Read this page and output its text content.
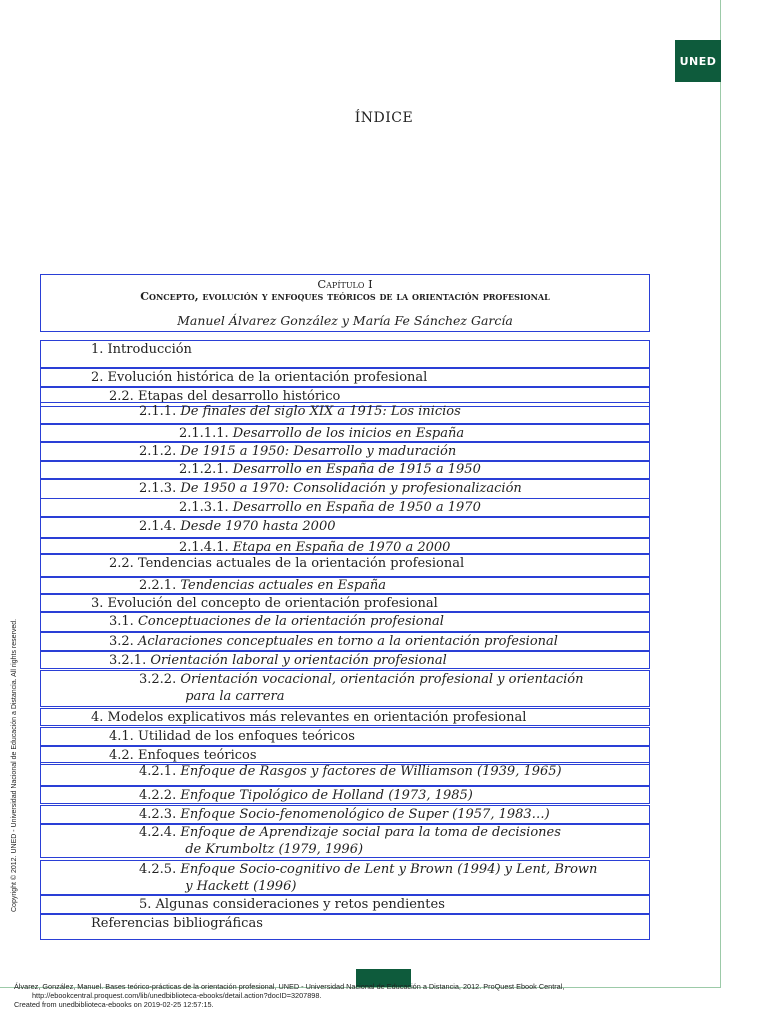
UNED
ÍNDICE
Copyright © 2012. UNED - Universidad Nacional de Educación a Distancia. All rights reserved.
Capítulo I
Concepto, evolución y enfoques teóricos de la orientación profesional
Manuel Álvarez González y María Fe Sánchez García
1. Introducción
2. Evolución histórica de la orientación profesional
2.2. Etapas del desarrollo histórico
2.1.1. De finales del siglo XIX a 1915: Los inicios
2.1.1.1. Desarrollo de los inicios en España
2.1.2. De 1915 a 1950: Desarrollo y maduración
2.1.2.1. Desarrollo en España de 1915 a 1950
2.1.3. De 1950 a 1970: Consolidación y profesionalización
2.1.3.1. Desarrollo en España de 1950 a 1970
2.1.4. Desde 1970 hasta 2000
2.1.4.1. Etapa en España de 1970 a 2000
2.2. Tendencias actuales de la orientación profesional
2.2.1. Tendencias actuales en España
3. Evolución del concepto de orientación profesional
3.1. Conceptuaciones de la orientación profesional
3.2. Aclaraciones conceptuales en torno a la orientación profesional
3.2.1. Orientación laboral y orientación profesional
3.2.2. Orientación vocacional, orientación profesional y orientación
para la carrera
4. Modelos explicativos más relevantes en orientación profesional
4.1. Utilidad de los enfoques teóricos
4.2. Enfoques teóricos
4.2.1. Enfoque de Rasgos y factores de Williamson (1939, 1965)
4.2.2. Enfoque Tipológico de Holland (1973, 1985)
4.2.3. Enfoque Socio-fenomenológico de Super (1957, 1983…)
4.2.4. Enfoque de Aprendizaje social para la toma de decisiones
de Krumboltz (1979, 1996)
4.2.5. Enfoque Socio-cognitivo de Lent y Brown (1994) y Lent, Brown
y Hackett (1996)
5. Algunas consideraciones y retos pendientes
Referencias bibliográficas
Álvarez, González, Manuel. Bases teórico-prácticas de la orientación profesional, UNED - Universidad Nacional de Educación a Distancia, 2012. ProQuest Ebook Central,
http://ebookcentral.proquest.com/lib/unedbiblioteca-ebooks/detail.action?docID=3207898.
Created from unedbiblioteca-ebooks on 2019-02-25 12:57:15.
